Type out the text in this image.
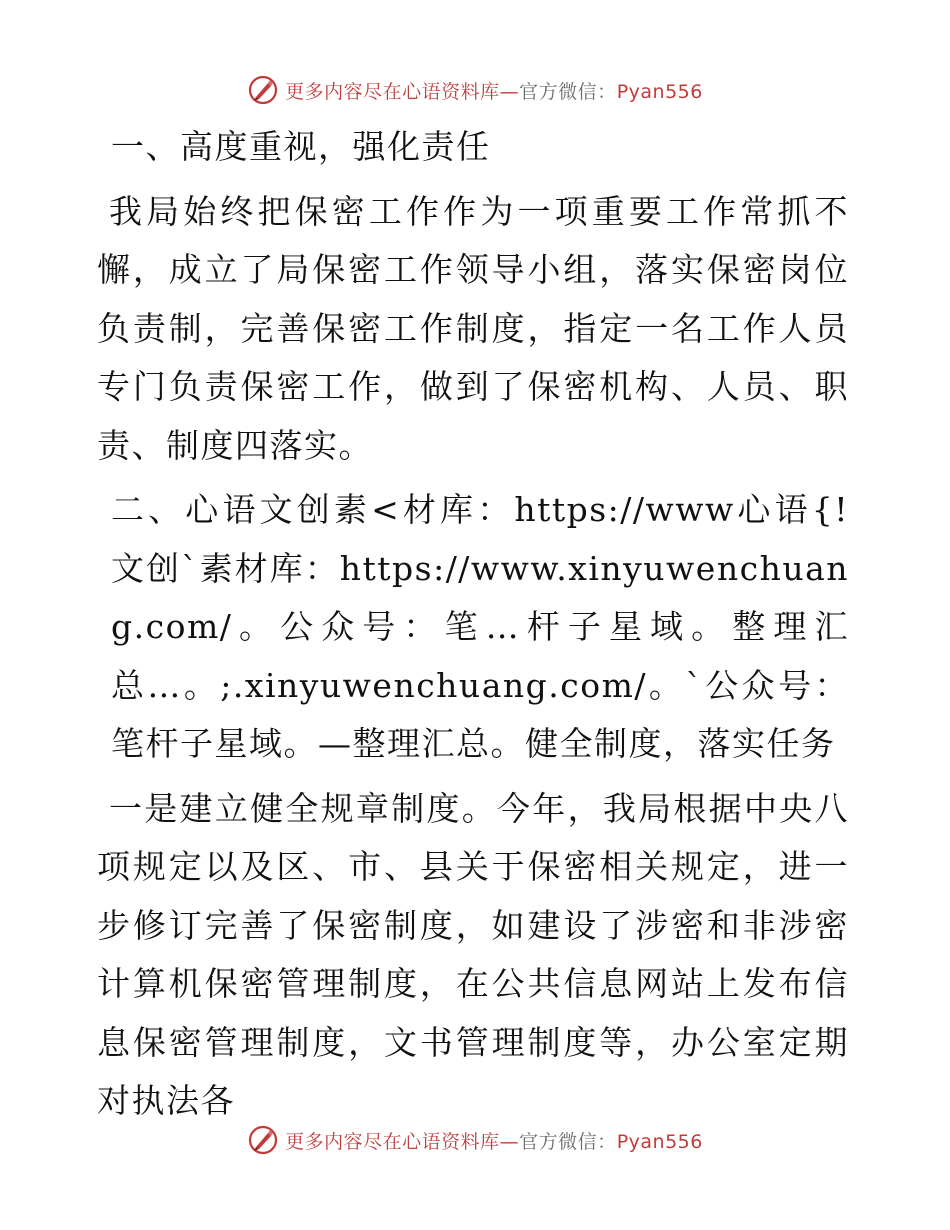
更多内容尽在心语资料库—官方微信：Pyan556

一、高度重视，强化责任

我局始终把保密工作作为一项重要工作常抓不懈，成立了局保密工作领导小组，落实保密岗位负责制，完善保密工作制度，指定一名工作人员专门负责保密工作，做到了保密机构、人员、职责、制度四落实。

二、心语文创素<材库：https://www心语{! 文创`素材库：https://www.xinyuwenchuang.com/。公众号：笔…杆子星域。整理汇总…。;.xinyuwenchuang.com/。`公众号：笔杆子星域。—整理汇总。健全制度，落实任务

一是建立健全规章制度。今年，我局根据中央八项规定以及区、市、县关于保密相关规定，进一步修订完善了保密制度，如建设了涉密和非涉密计算机保密管理制度，在公共信息网站上发布信息保密管理制度，文书管理制度等，办公室定期对执法各

更多内容尽在心语资料库—官方微信：Pyan556
